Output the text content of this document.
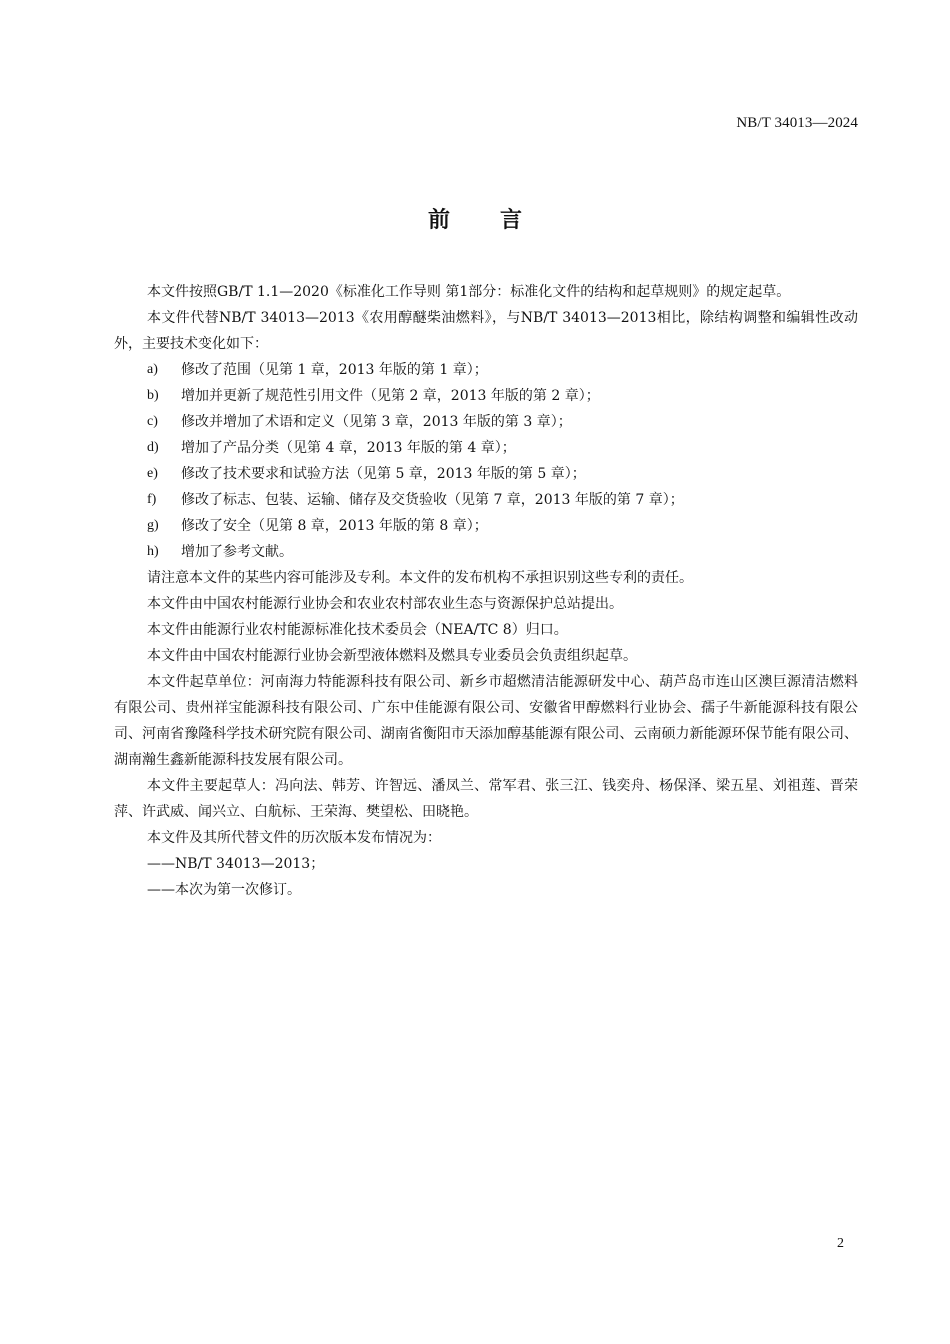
NB/T 34013—2024
前言

本文件按照GB/T 1.1—2020《标准化工作导则 第1部分：标准化文件的结构和起草规则》的规定起草。

本文件代替NB/T 34013—2013《农用醇醚柴油燃料》，与NB/T 34013—2013相比，除结构调整和编辑性改动外，主要技术变化如下：

a)	修改了范围（见第 1 章，2013 年版的第 1 章）；
b)	增加并更新了规范性引用文件（见第 2 章，2013 年版的第 2 章）；
c)	修改并增加了术语和定义（见第 3 章，2013 年版的第 3 章）；
d)	增加了产品分类（见第 4 章，2013 年版的第 4 章）；
e)	修改了技术要求和试验方法（见第 5 章，2013 年版的第 5 章）；
f)	修改了标志、包装、运输、储存及交货验收（见第 7 章，2013 年版的第 7 章）；
g)	修改了安全（见第 8 章，2013 年版的第 8 章）；
h)	增加了参考文献。

请注意本文件的某些内容可能涉及专利。本文件的发布机构不承担识别这些专利的责任。

本文件由中国农村能源行业协会和农业农村部农业生态与资源保护总站提出。

本文件由能源行业农村能源标准化技术委员会（NEA/TC 8）归口。

本文件由中国农村能源行业协会新型液体燃料及燃具专业委员会负责组织起草。

本文件起草单位：河南海力特能源科技有限公司、新乡市超燃清洁能源研发中心、葫芦岛市连山区澳巨源清洁燃料有限公司、贵州祥宝能源科技有限公司、广东中佳能源有限公司、安徽省甲醇燃料行业协会、孺子牛新能源科技有限公司、河南省豫隆科学技术研究院有限公司、湖南省衡阳市天添加醇基能源有限公司、云南硕力新能源环保节能有限公司、湖南瀚生鑫新能源科技发展有限公司。

本文件主要起草人：冯向法、韩芳、许智远、潘凤兰、常军君、张三江、钱奕舟、杨保泽、梁五星、刘祖莲、晋荣萍、许武威、闻兴立、白航标、王荣海、樊望松、田晓艳。

本文件及其所代替文件的历次版本发布情况为：

——NB/T 34013—2013；

——本次为第一次修订。

2
